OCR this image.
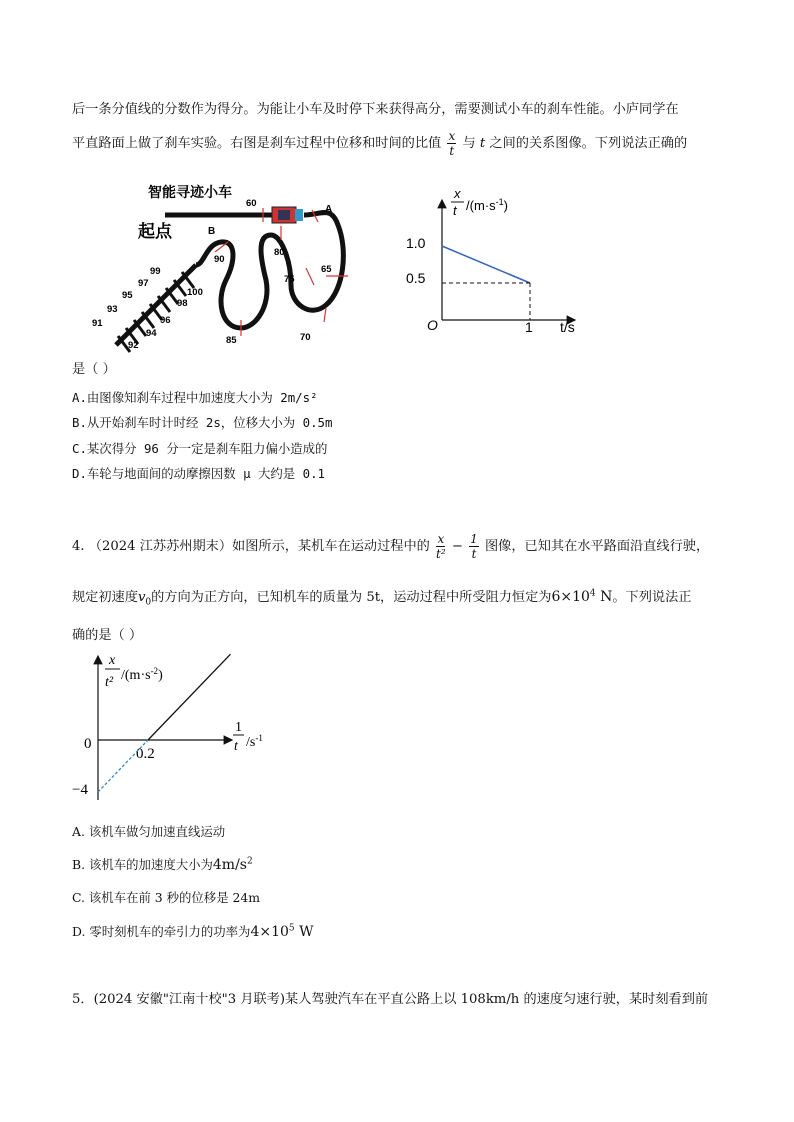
后一条分值线的分数作为得分。为能让小车及时停下来获得高分，需要测试小车的刹车性能。小庐同学在
平直路面上做了刹车实验。右图是刹车过程中位移和时间的比值 $\frac{x}{t}$ 与 t 之间的关系图像。下列说法正确的
智能寻迹小车
起点
60
80
65
75
70
85
90
100
99
98
97
96
95
94
93
92
91
A
B
x
t $/(m\cdot s^{-1})$
1.0
0.5
O	1 t/s
是（ ）
A.由图像知刹车过程中加速度大小为 2m/s²
B.从开始刹车时计时经 2s，位移大小为 0.5m
C.某次得分 96 分一定是刹车阻力偏小造成的
D.车轮与地面间的动摩擦因数 μ 大约是 0.1
4. （2024 江苏苏州期末）如图所示，某机车在运动过程中的 $\frac{x}{\text{t²}} - \frac{1}{t}$ 图像，已知其在水平路面沿直线行驶，
规定初速度$v_0$的方向为正方向，已知机车的质量为 5t，运动过程中所受阻力恒定为$6\times 10^4$ N。下列说法正
确的是（ ）
x
t² $/(m\cdot s^{-2})$
1
t $/s^{-1}$
0
0.2
−4
A. 该机车做匀加速直线运动
B. 该机车的加速度大小为$4m/s^2$
C. 该机车在前 3 秒的位移是 24m
D. 零时刻机车的牵引力的功率为$4\times 10^5$ W
5．(2024 安徽"江南十校"3 月联考)某人驾驶汽车在平直公路上以 108km/h 的速度匀速行驶，某时刻看到前
